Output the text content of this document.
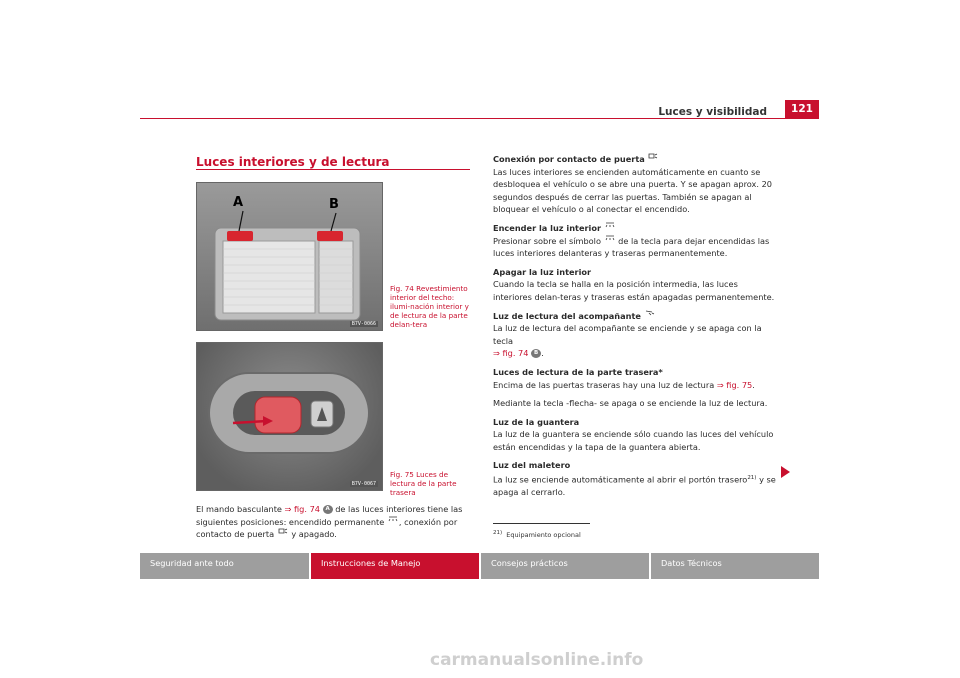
Luces y visibilidad	121
Luces interiores y de lectura
A	B
B7V-0066
Fig. 74 Revestimiento interior del techo: ilumi-nación interior y de lectura de la parte delan-tera
B7V-0067
Fig. 75 Luces de lectura de la parte trasera
El mando basculante ⇒ fig. 74 A de las luces interiores tiene las siguientes posiciones: encendido permanente , conexión por contacto de puerta  y apagado.

Conexión por contacto de puerta
Las luces interiores se encienden automáticamente en cuanto se desbloquea el vehículo o se abre una puerta. Y se apagan aprox. 20 segundos después de cerrar las puertas. También se apagan al bloquear el vehículo o al conectar el encendido.

Encender la luz interior
Presionar sobre el símbolo  de la tecla para dejar encendidas las luces interiores delanteras y traseras permanentemente.

Apagar la luz interior
Cuando la tecla se halla en la posición intermedia, las luces interiores delan-teras y traseras están apagadas permanentemente.

Luz de lectura del acompañante
La luz de lectura del acompañante se enciende y se apaga con la tecla
⇒ fig. 74 B .

Luces de lectura de la parte trasera*
Encima de las puertas traseras hay una luz de lectura ⇒ fig. 75.

Mediante la tecla -flecha- se apaga o se enciende la luz de lectura.

Luz de la guantera
La luz de la guantera se enciende sólo cuando las luces del vehículo están encendidas y la tapa de la guantera abierta.

Luz del maletero
La luz se enciende automáticamente al abrir el portón trasero$^{21)}$ y se apaga al cerrarlo.

$^{21)}$ Equipamiento opcional
Seguridad ante todo	Instrucciones de Manejo	Consejos prácticos	Datos Técnicos
carmanualsonline.info
